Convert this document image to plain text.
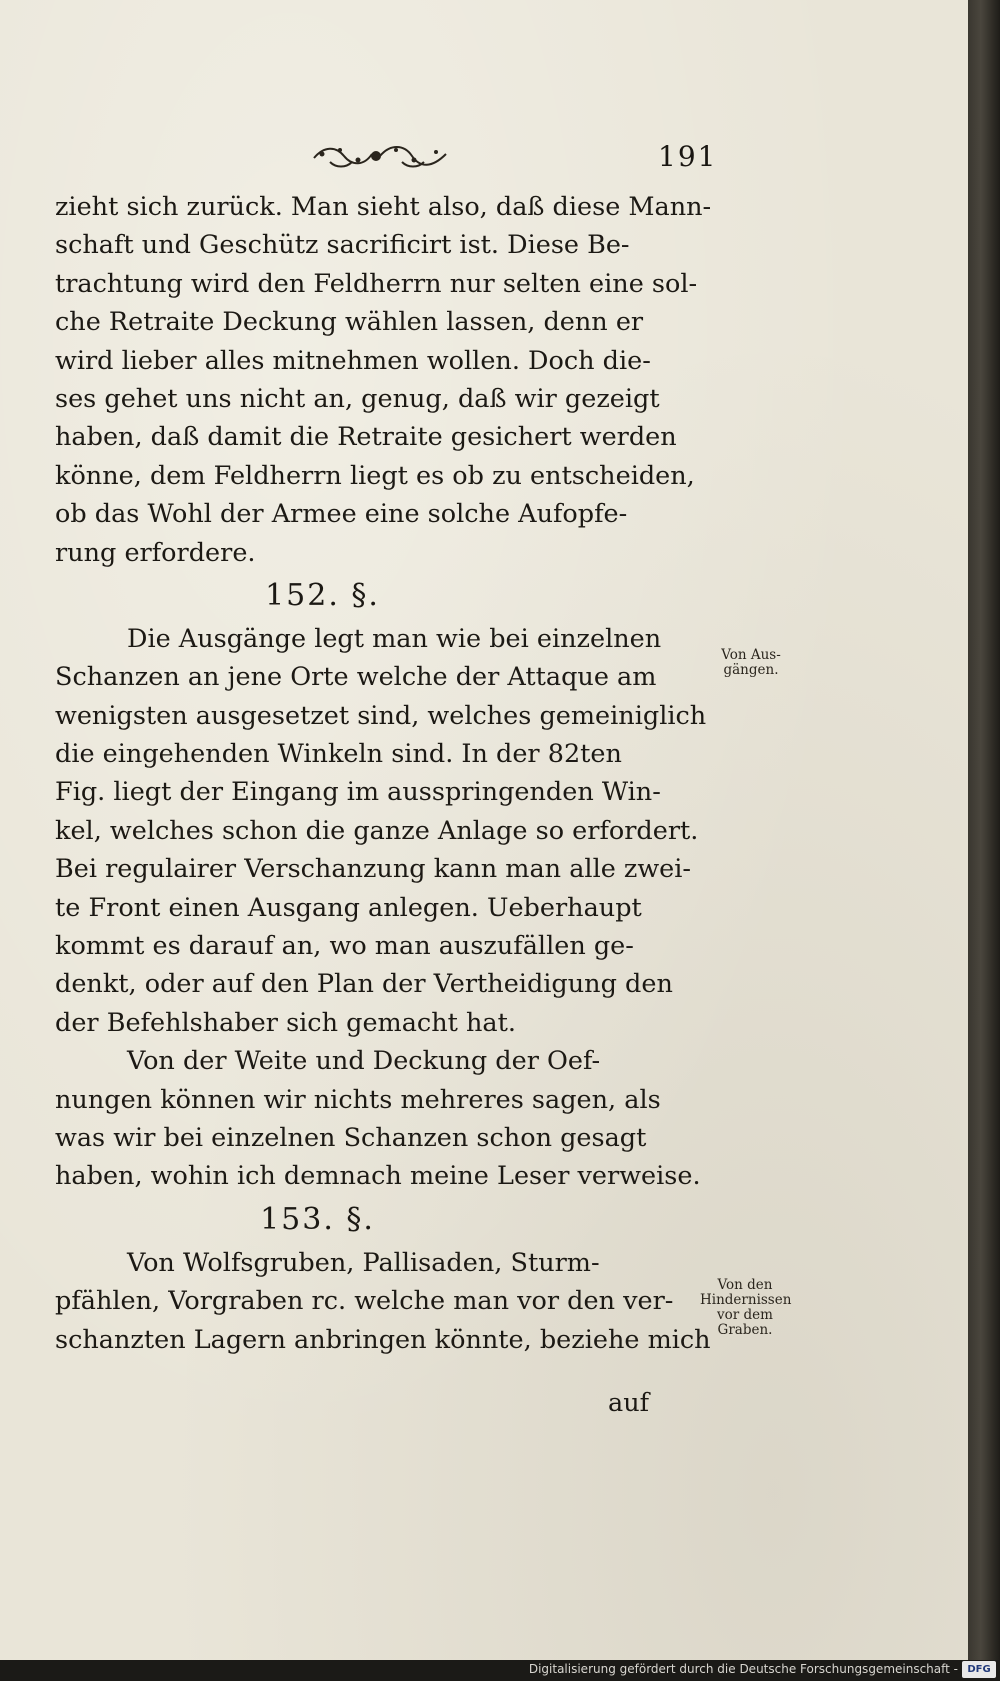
191
zieht sich zurück. Man sieht also, daß diese Mann-
schaft und Geschütz sacrificirt ist. Diese Be-
trachtung wird den Feldherrn nur selten eine sol-
che Retraite Deckung wählen lassen, denn er
wird lieber alles mitnehmen wollen. Doch die-
ses gehet uns nicht an, genug, daß wir gezeigt
haben, daß damit die Retraite gesichert werden
könne, dem Feldherrn liegt es ob zu entscheiden,
ob das Wohl der Armee eine solche Aufopfe-
rung erfordere.
152. §.
Die Ausgänge legt man wie bei einzelnen
Schanzen an jene Orte welche der Attaque am
wenigsten ausgesetzet sind, welches gemeiniglich
die eingehenden Winkeln sind. In der 82ten
Fig. liegt der Eingang im ausspringenden Win-
kel, welches schon die ganze Anlage so erfordert.
Bei regulairer Verschanzung kann man alle zwei-
te Front einen Ausgang anlegen. Ueberhaupt
kommt es darauf an, wo man auszufällen ge-
denkt, oder auf den Plan der Vertheidigung den
der Befehlshaber sich gemacht hat.
Von der Weite und Deckung der Oef-
nungen können wir nichts mehreres sagen, als
was wir bei einzelnen Schanzen schon gesagt
haben, wohin ich demnach meine Leser verweise.
153. §.
Von Wolfsgruben, Pallisaden, Sturm-
pfählen, Vorgraben rc. welche man vor den ver-
schanzten Lagern anbringen könnte, beziehe mich
Von Aus-
gängen.
Von den
Hindernissen
vor dem
Graben.
auf
Digitalisierung gefördert durch die Deutsche Forschungsgemeinschaft - DFG
